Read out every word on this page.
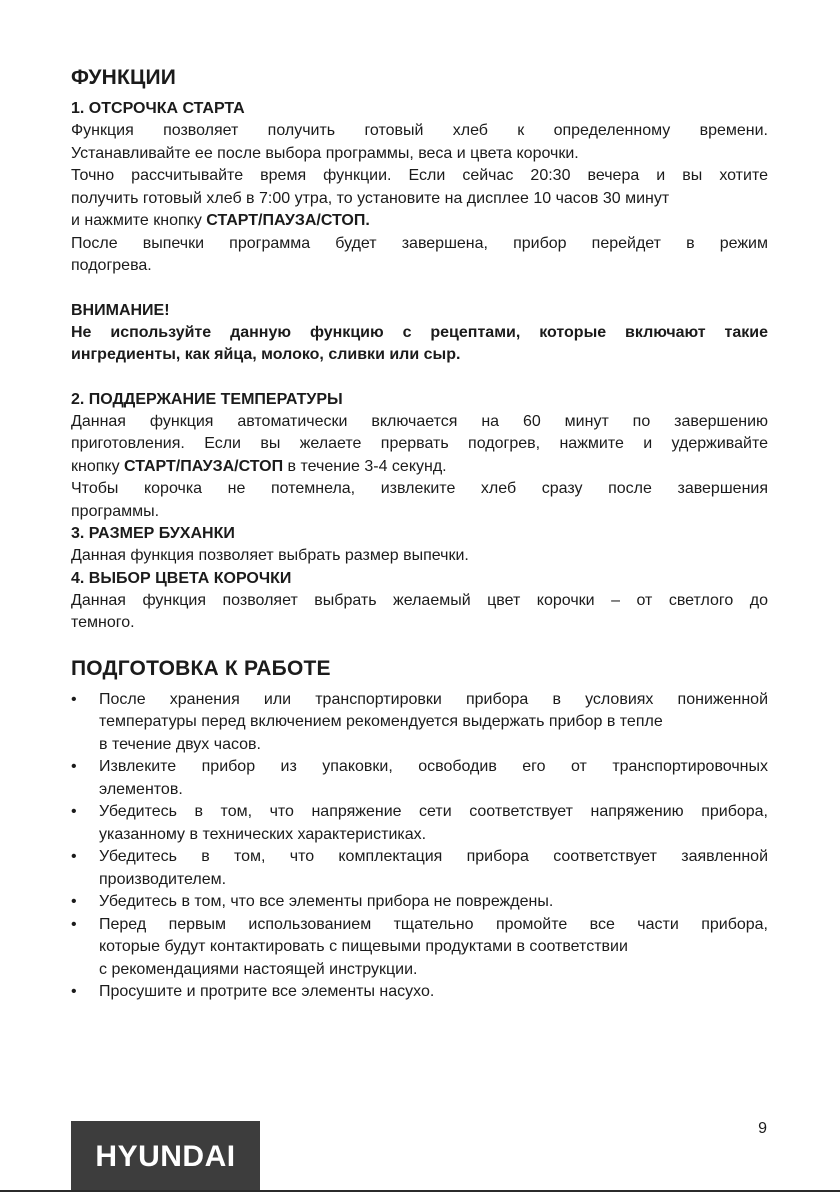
ФУНКЦИИ
1. ОТСРОЧКА СТАРТА

Функция позволяет получить готовый хлеб к определенному времени.

Устанавливайте ее после выбора программы, веса и цвета корочки.

Точно рассчитывайте время функции. Если сейчас 20:30 вечера и вы хотите

получить готовый хлеб в 7:00 утра, то установите на дисплее 10 часов 30 минут

и нажмите кнопку СТАРТ/ПАУЗА/СТОП.

После выпечки программа будет завершена, прибор перейдет в режим

подогрева.

ВНИМАНИЕ!

Не используйте данную функцию с рецептами, которые включают такие

ингредиенты, как яйца, молоко, сливки или сыр.

2. ПОДДЕРЖАНИЕ ТЕМПЕРАТУРЫ

Данная функция автоматически включается на 60 минут по завершению

приготовления. Если вы желаете прервать подогрев, нажмите и удерживайте

кнопку СТАРТ/ПАУЗА/СТОП в течение 3-4 секунд.

Чтобы корочка не потемнела, извлеките хлеб сразу после завершения

программы.

3. РАЗМЕР БУХАНКИ

Данная функция позволяет выбрать размер выпечки.

4. ВЫБОР ЦВЕТА КОРОЧКИ

Данная функция позволяет выбрать желаемый цвет корочки – от светлого до

темного.

ПОДГОТОВКА К РАБОТЕ
• После хранения или транспортировки прибора в условиях пониженной

температуры перед включением рекомендуется выдержать прибор в тепле

в течение двух часов.

• Извлеките прибор из упаковки, освободив его от транспортировочных

элементов.

• Убедитесь в том, что напряжение сети соответствует напряжению прибора,

указанному в технических характеристиках.

• Убедитесь в том, что комплектация прибора соответствует заявленной

производителем.

• Убедитесь в том, что все элементы прибора не повреждены.

• Перед первым использованием тщательно промойте все части прибора,

которые будут контактировать с пищевыми продуктами в соответствии

с рекомендациями настоящей инструкции.

• Просушите и протрите все элементы насухо.

9
HYUNDAI
